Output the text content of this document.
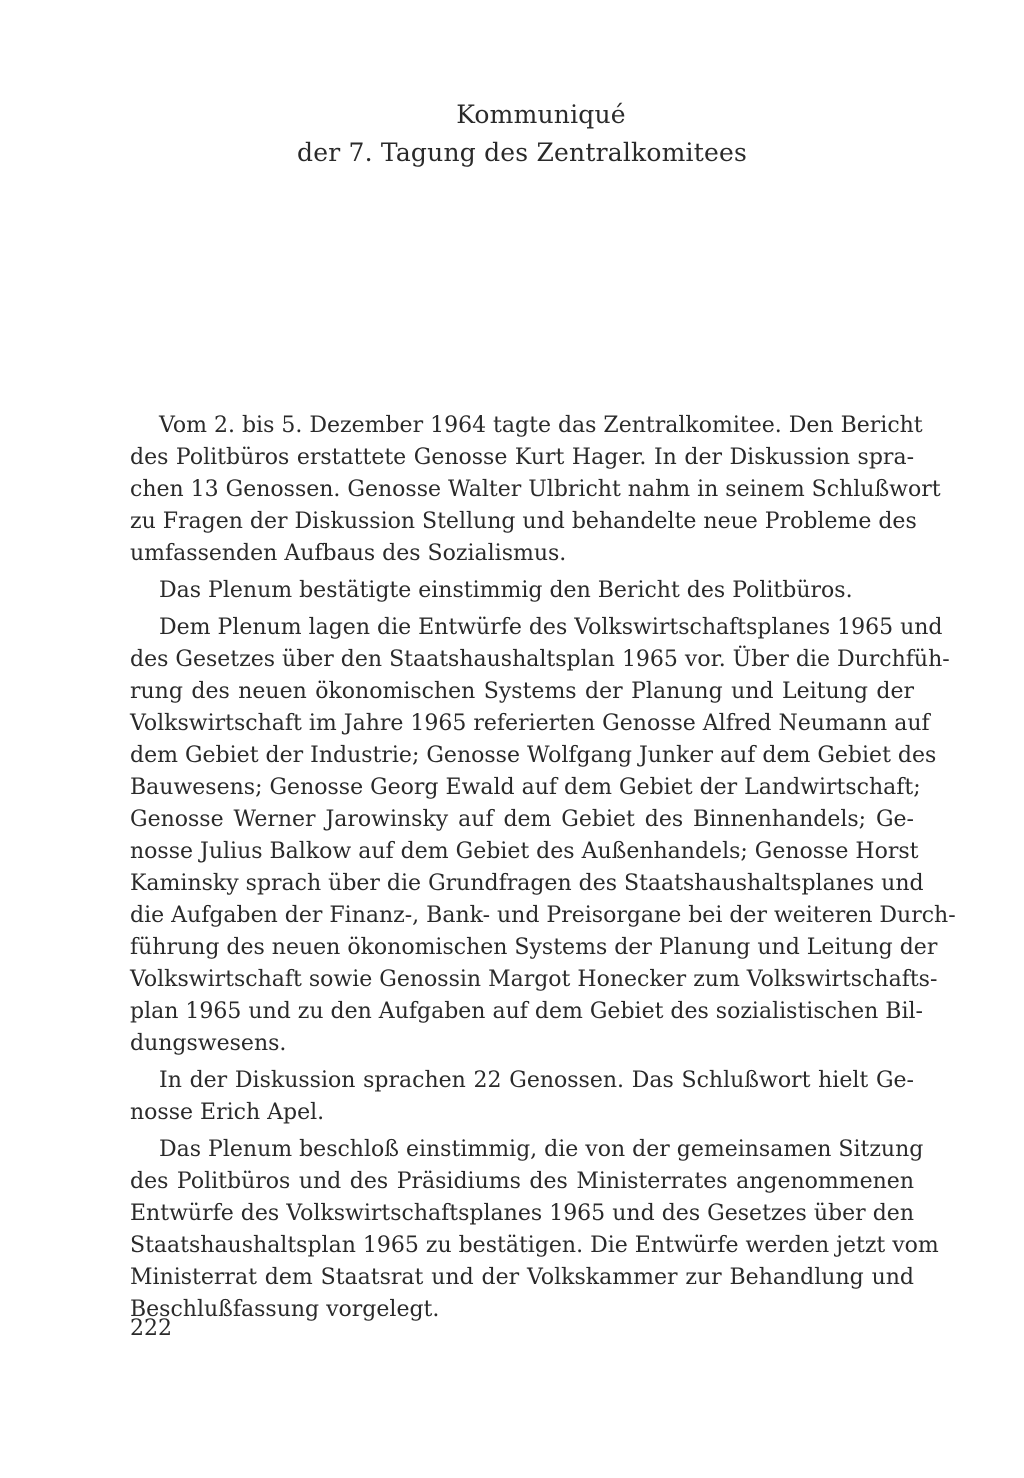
Kommuniqué
der 7. Tagung des Zentralkomitees
Vom 2. bis 5. Dezember 1964 tagte das Zentralkomitee. Den Bericht
des Politbüros erstattete Genosse Kurt Hager. In der Diskussion spra-
chen 13 Genossen. Genosse Walter Ulbricht nahm in seinem Schlußwort
zu Fragen der Diskussion Stellung und behandelte neue Probleme des
umfassenden Aufbaus des Sozialismus.
Das Plenum bestätigte einstimmig den Bericht des Politbüros.
Dem Plenum lagen die Entwürfe des Volkswirtschaftsplanes 1965 und
des Gesetzes über den Staatshaushaltsplan 1965 vor. Über die Durchfüh-
rung des neuen ökonomischen Systems der Planung und Leitung der
Volkswirtschaft im Jahre 1965 referierten Genosse Alfred Neumann auf
dem Gebiet der Industrie; Genosse Wolfgang Junker auf dem Gebiet des
Bauwesens; Genosse Georg Ewald auf dem Gebiet der Landwirtschaft;
Genosse Werner Jarowinsky auf dem Gebiet des Binnenhandels; Ge-
nosse Julius Balkow auf dem Gebiet des Außenhandels; Genosse Horst
Kaminsky sprach über die Grundfragen des Staatshaushaltsplanes und
die Aufgaben der Finanz-, Bank- und Preisorgane bei der weiteren Durch-
führung des neuen ökonomischen Systems der Planung und Leitung der
Volkswirtschaft sowie Genossin Margot Honecker zum Volkswirtschafts-
plan 1965 und zu den Aufgaben auf dem Gebiet des sozialistischen Bil-
dungswesens.
In der Diskussion sprachen 22 Genossen. Das Schlußwort hielt Ge-
nosse Erich Apel.
Das Plenum beschloß einstimmig, die von der gemeinsamen Sitzung
des Politbüros und des Präsidiums des Ministerrates angenommenen
Entwürfe des Volkswirtschaftsplanes 1965 und des Gesetzes über den
Staatshaushaltsplan 1965 zu bestätigen. Die Entwürfe werden jetzt vom
Ministerrat dem Staatsrat und der Volkskammer zur Behandlung und
Beschlußfassung vorgelegt.
222
